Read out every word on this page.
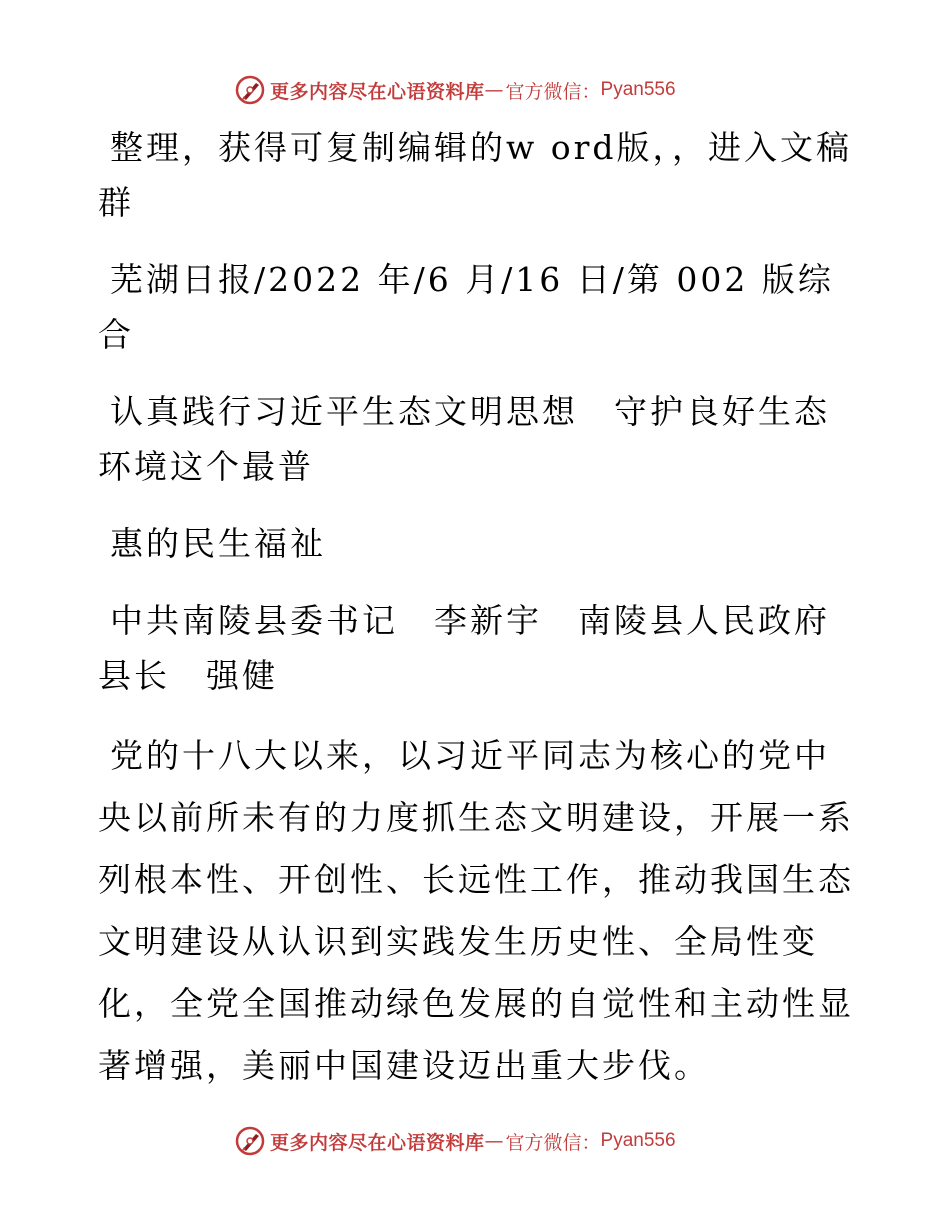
更多内容尽在心语资料库 — 官方微信： Pyan556

整理，获得可复制编辑的w ord版，，进入文稿群

芜湖日报/2022 年/6 月/16 日/第 002 版综合

认真践行习近平生态文明思想　守护良好生态环境这个最普

惠的民生福祉

中共南陵县委书记　李新宇　南陵县人民政府县长　强健

党的十八大以来，以习近平同志为核心的党中央以前所未有的力度抓生态文明建设，开展一系列根本性、开创性、长远性工作，推动我国生态文明建设从认识到实践发生历史性、全局性变化，全党全国推动绿色发展的自觉性和主动性显著增强，美丽中国建设迈出重大步伐。

更多内容尽在心语资料库 — 官方微信： Pyan556
